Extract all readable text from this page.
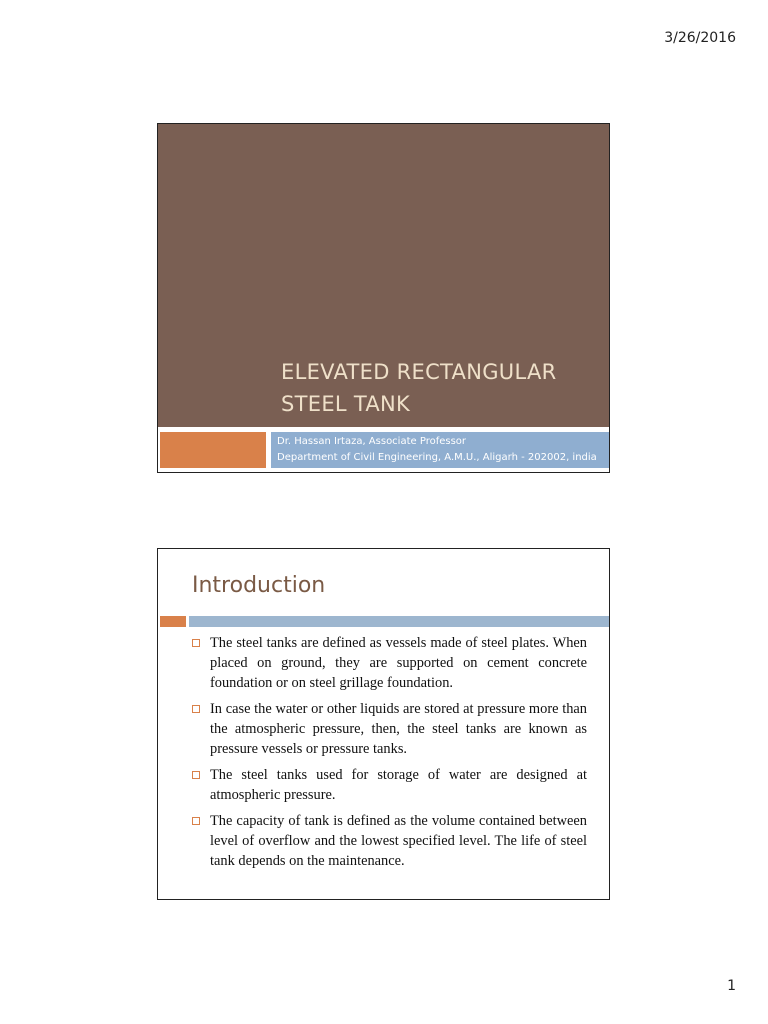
3/26/2016
ELEVATED RECTANGULAR
STEEL TANK
Dr. Hassan Irtaza, Associate Professor
Department of Civil Engineering, A.M.U., Aligarh - 202002, india
Introduction
The steel tanks are defined as vessels made of steel plates. When placed on ground, they are supported on cement concrete foundation or on steel grillage foundation.
In case the water or other liquids are stored at pressure more than the atmospheric pressure, then, the steel tanks are known as pressure vessels or pressure tanks.
The steel tanks used for storage of water are designed at atmospheric pressure.
The capacity of tank is defined as the volume contained between level of overflow and the lowest specified level. The life of steel tank depends on the maintenance.
1
